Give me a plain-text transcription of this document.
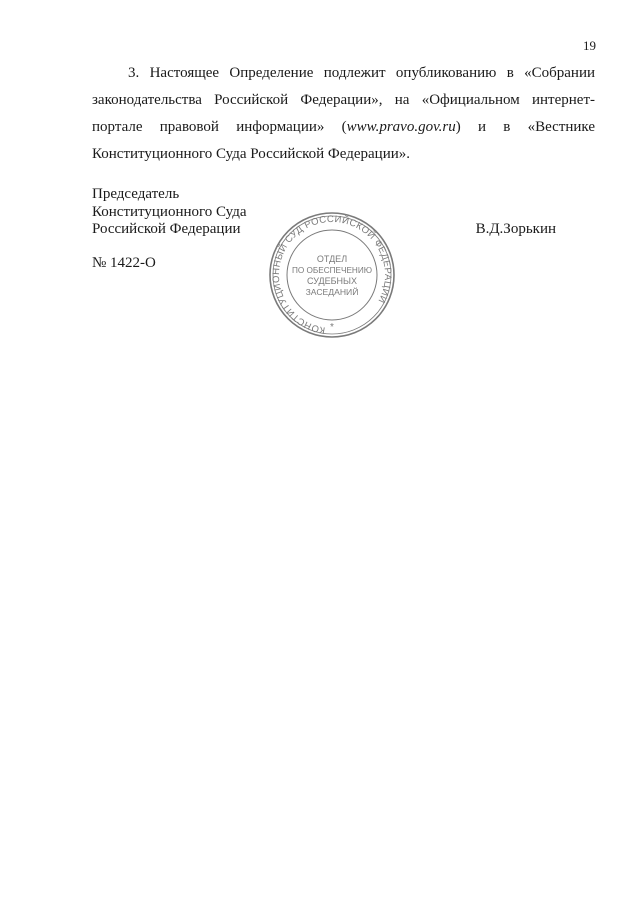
19

3. Настоящее Определение подлежит опубликованию в «Собрании законодательства Российской Федерации», на «Официальном интернет-портале правовой информации» (www.pravo.gov.ru) и в «Вестнике Конституционного Суда Российской Федерации».

Председатель
Конституционного Суда
Российской Федерации	В.Д.Зорькин

№ 1422-О

КОНСТИТУЦИОННЫЙ СУД РОССИЙСКОЙ ФЕДЕРАЦИИ
ОТДЕЛ
ПО ОБЕСПЕЧЕНИЮ
СУДЕБНЫХ
ЗАСЕДАНИЙ
*
